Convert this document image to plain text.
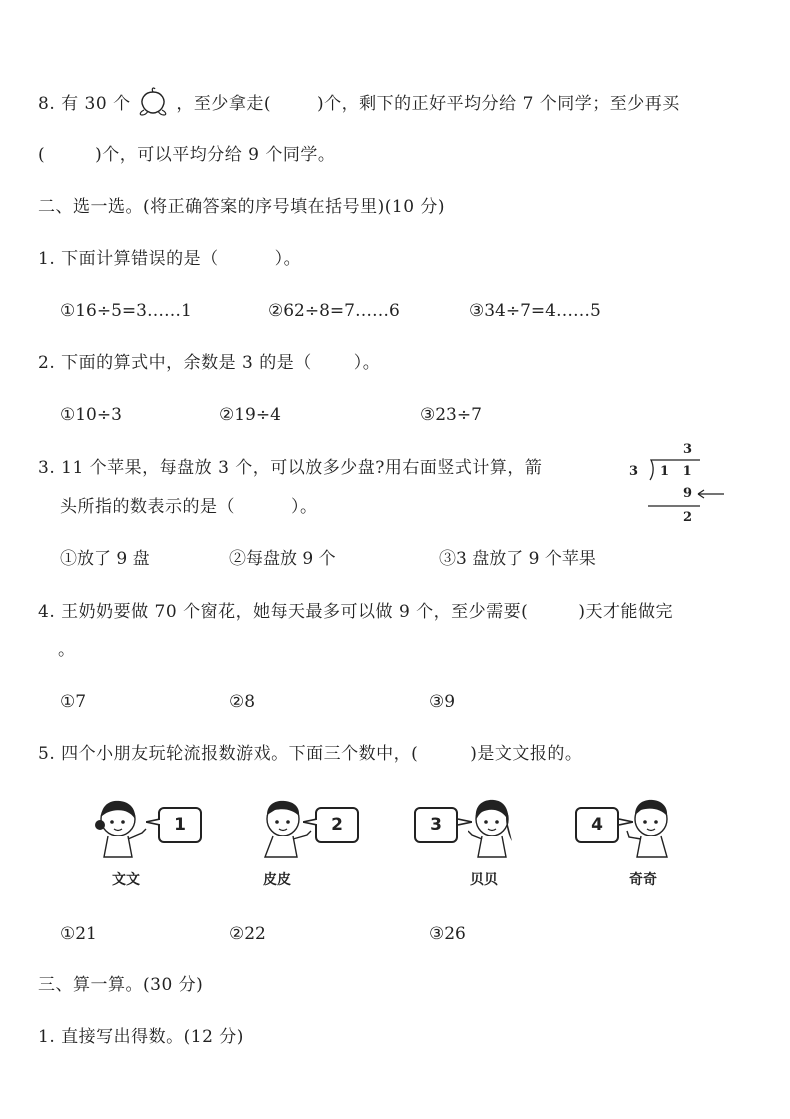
8. 有 30 个	，至少拿走(	)个，剩下的正好平均分给 7 个同学；至少再买
(	)个，可以平均分给 9 个同学。
二、选一选。(将正确答案的序号填在括号里)(10 分)
1. 下面计算错误的是（	）。
①16÷5=3……1	②62÷8=7……6	③34÷7=4……5
2. 下面的算式中，余数是 3 的是（ ）。
①10÷3	②19÷4	③23÷7
3. 11 个苹果，每盘放 3 个，可以放多少盘?用右面竖式计算，箭
头所指的数表示的是（	）。
3
3 1   1
9
2
①放了 9 盘	②每盘放 9 个	③3 盘放了 9 个苹果
4. 王奶奶要做 70 个窗花，她每天最多可以做 9 个，至少需要(	)天才能做完
。
①7	②8	③9
5. 四个小朋友玩轮流报数游戏。下面三个数中，(	)是文文报的。
1
文文
2
皮皮
3
贝贝
4
奇奇
①21	②22	③26
三、算一算。(30 分)
1. 直接写出得数。(12 分)
